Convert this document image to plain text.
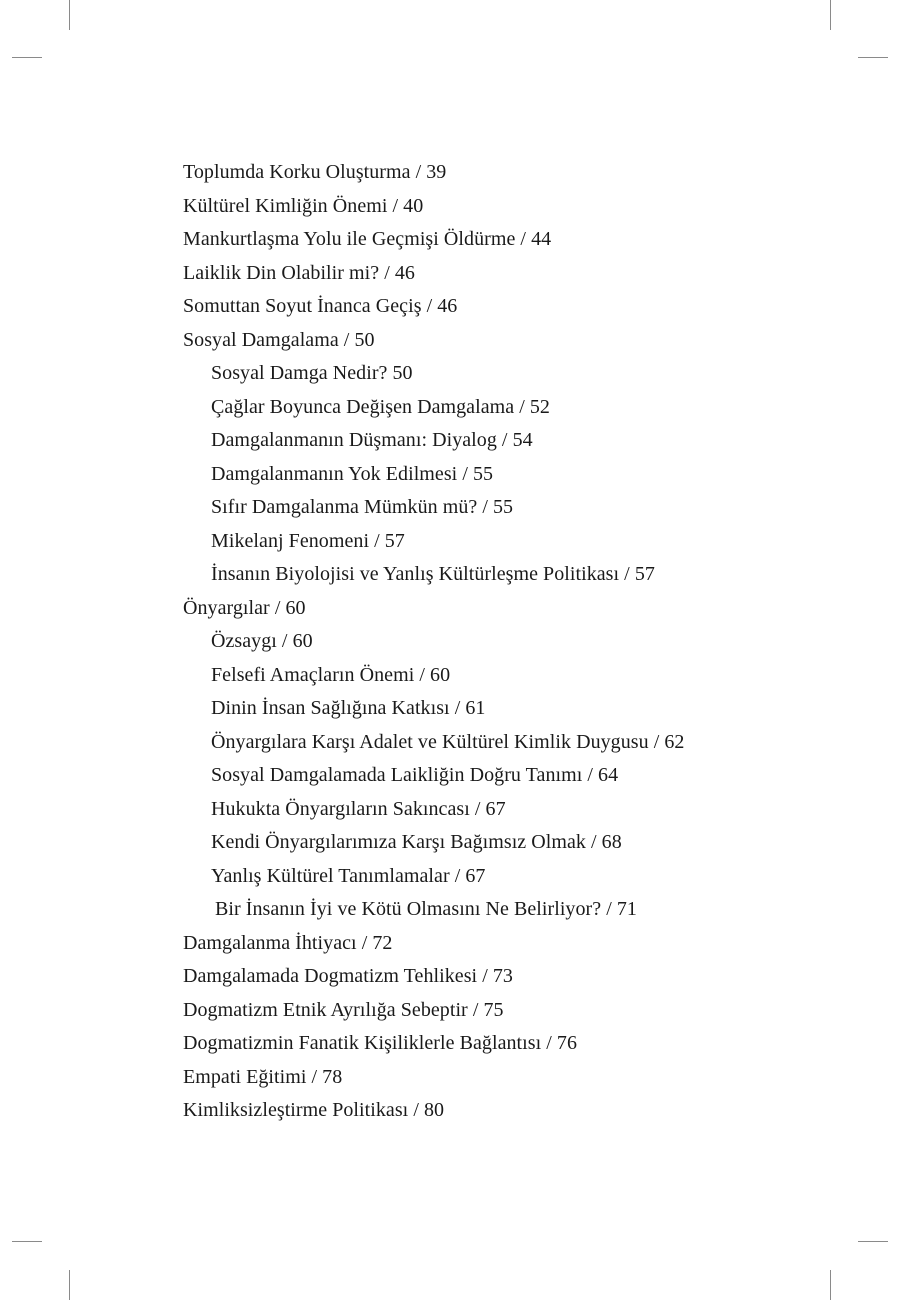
Toplumda Korku Oluşturma / 39
Kültürel Kimliğin Önemi / 40
Mankurtlaşma Yolu ile Geçmişi Öldürme / 44
Laiklik Din Olabilir mi? / 46
Somuttan Soyut İnanca Geçiş / 46
Sosyal Damgalama / 50
Sosyal Damga Nedir? 50
Çağlar Boyunca Değişen Damgalama / 52
Damgalanmanın Düşmanı: Diyalog / 54
Damgalanmanın Yok Edilmesi / 55
Sıfır Damgalanma Mümkün mü? / 55
Mikelanj Fenomeni / 57
İnsanın Biyolojisi ve Yanlış Kültürleşme Politikası / 57
Önyargılar / 60
Özsaygı / 60
Felsefi Amaçların Önemi / 60
Dinin İnsan Sağlığına Katkısı / 61
Önyargılara Karşı Adalet ve Kültürel Kimlik Duygusu / 62
Sosyal Damgalamada Laikliğin Doğru Tanımı / 64
Hukukta Önyargıların Sakıncası / 67
Kendi Önyargılarımıza Karşı Bağımsız Olmak / 68
Yanlış Kültürel Tanımlamalar / 67
Bir İnsanın İyi ve Kötü Olmasını Ne Belirliyor? / 71
Damgalanma İhtiyacı / 72
Damgalamada Dogmatizm Tehlikesi / 73
Dogmatizm Etnik Ayrılığa Sebeptir / 75
Dogmatizmin Fanatik Kişiliklerle Bağlantısı / 76
Empati Eğitimi / 78
Kimliksizleştirme Politikası / 80
